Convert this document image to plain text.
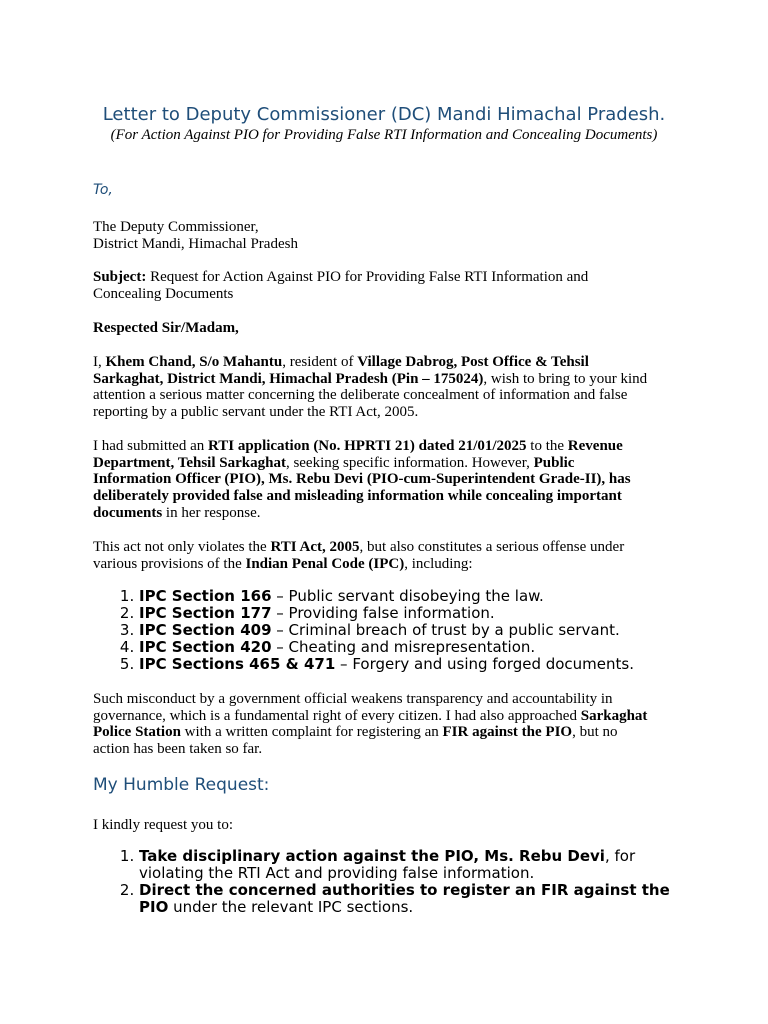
Letter to Deputy Commissioner (DC) Mandi Himachal Pradesh.

(For Action Against PIO for Providing False RTI Information and Concealing Documents)

To,

The Deputy Commissioner,
District Mandi, Himachal Pradesh

Subject: Request for Action Against PIO for Providing False RTI Information and Concealing Documents

Respected Sir/Madam,

I, Khem Chand, S/o Mahantu, resident of Village Dabrog, Post Office & Tehsil Sarkaghat, District Mandi, Himachal Pradesh (Pin – 175024), wish to bring to your kind attention a serious matter concerning the deliberate concealment of information and false reporting by a public servant under the RTI Act, 2005.

I had submitted an RTI application (No. HPRTI 21) dated 21/01/2025 to the Revenue Department, Tehsil Sarkaghat, seeking specific information. However, Public Information Officer (PIO), Ms. Rebu Devi (PIO-cum-Superintendent Grade-II), has deliberately provided false and misleading information while concealing important documents in her response.

This act not only violates the RTI Act, 2005, but also constitutes a serious offense under various provisions of the Indian Penal Code (IPC), including:

1. IPC Section 166 – Public servant disobeying the law.
2. IPC Section 177 – Providing false information.
3. IPC Section 409 – Criminal breach of trust by a public servant.
4. IPC Section 420 – Cheating and misrepresentation.
5. IPC Sections 465 & 471 – Forgery and using forged documents.

Such misconduct by a government official weakens transparency and accountability in governance, which is a fundamental right of every citizen. I had also approached Sarkaghat Police Station with a written complaint for registering an FIR against the PIO, but no action has been taken so far.

My Humble Request:

I kindly request you to:

1. Take disciplinary action against the PIO, Ms. Rebu Devi, for violating the RTI Act and providing false information.
2. Direct the concerned authorities to register an FIR against the PIO under the relevant IPC sections.
